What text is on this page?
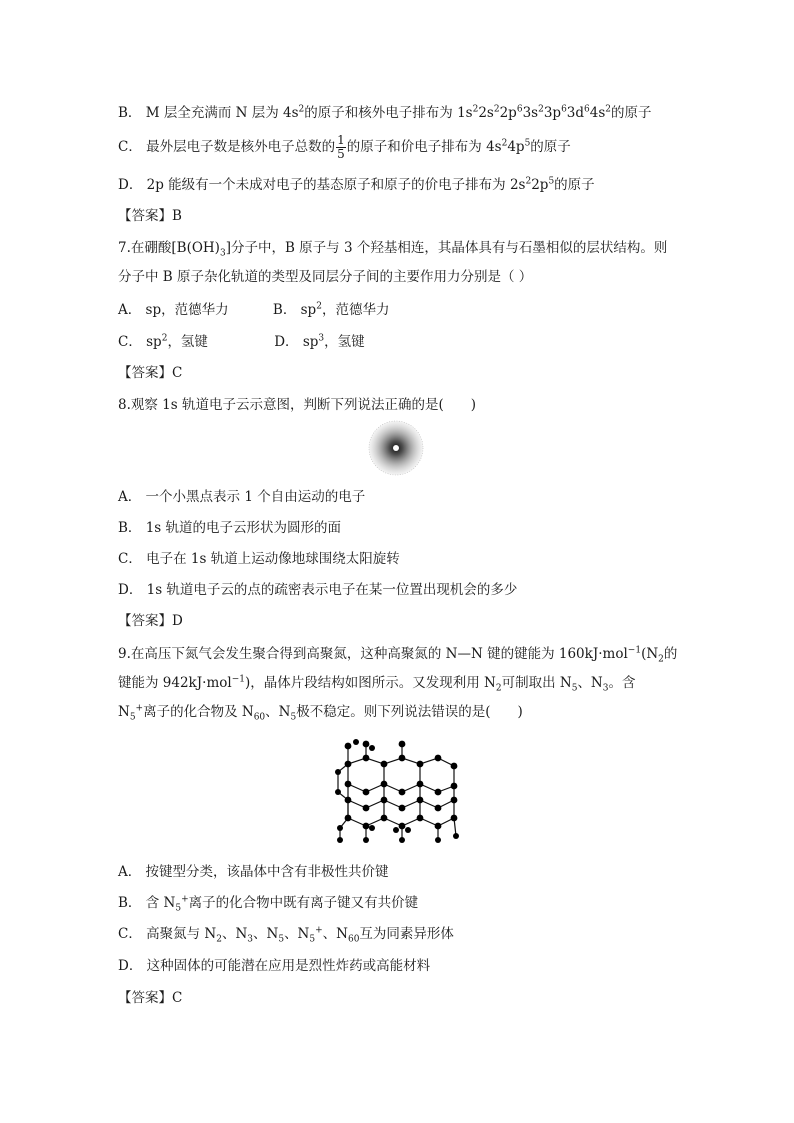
B． M 层全充满而 N 层为 $4s^2$的原子和核外电子排布为 $1s^22s^22p^63s^23p^63d^64s^2$的原子
C． 最外层电子数是核外电子总数的 $\frac{1}{5}$ 的原子和价电子排布为 $4s^24p^5$的原子
D． 2p 能级有一个未成对电子的基态原子和原子的价电子排布为 $2s^22p^5$的原子
【答案】B
7.在硼酸$[B(OH)_3]$分子中，B 原子与 3 个羟基相连，其晶体具有与石墨相似的层状结构。则分子中 B 原子杂化轨道的类型及同层分子间的主要作用力分别是（ ）
A． sp，范德华力	B． $sp^2$，范德华力
C． $sp^2$，氢键	D． $sp^3$，氢键
【答案】C
8.观察 1s 轨道电子云示意图，判断下列说法正确的是(　　)
A． 一个小黑点表示 1 个自由运动的电子
B． 1s 轨道的电子云形状为圆形的面
C． 电子在 1s 轨道上运动像地球围绕太阳旋转
D． 1s 轨道电子云的点的疏密表示电子在某一位置出现机会的多少
【答案】D
9.在高压下氮气会发生聚合得到高聚氮，这种高聚氮的 N—N 键的键能为 $160kJ\cdot mol^{-1}(N_2$的键能为 942kJ·mol$^{-1}$)，晶体片段结构如图所示。又发现利用 $N_2$可制取出 $N_5$、$N_3$。含 $N_5^+$离子的化合物及 $N_{60}$、$N_5$极不稳定。则下列说法错误的是(　　)
A． 按键型分类，该晶体中含有非极性共价键
B． 含 $N_5^+$离子的化合物中既有离子键又有共价键
C． 高聚氮与 $N_2$、$N_3$、$N_5$、$N_5^+$、$N_{60}$互为同素异形体
D． 这种固体的可能潜在应用是烈性炸药或高能材料
【答案】C
